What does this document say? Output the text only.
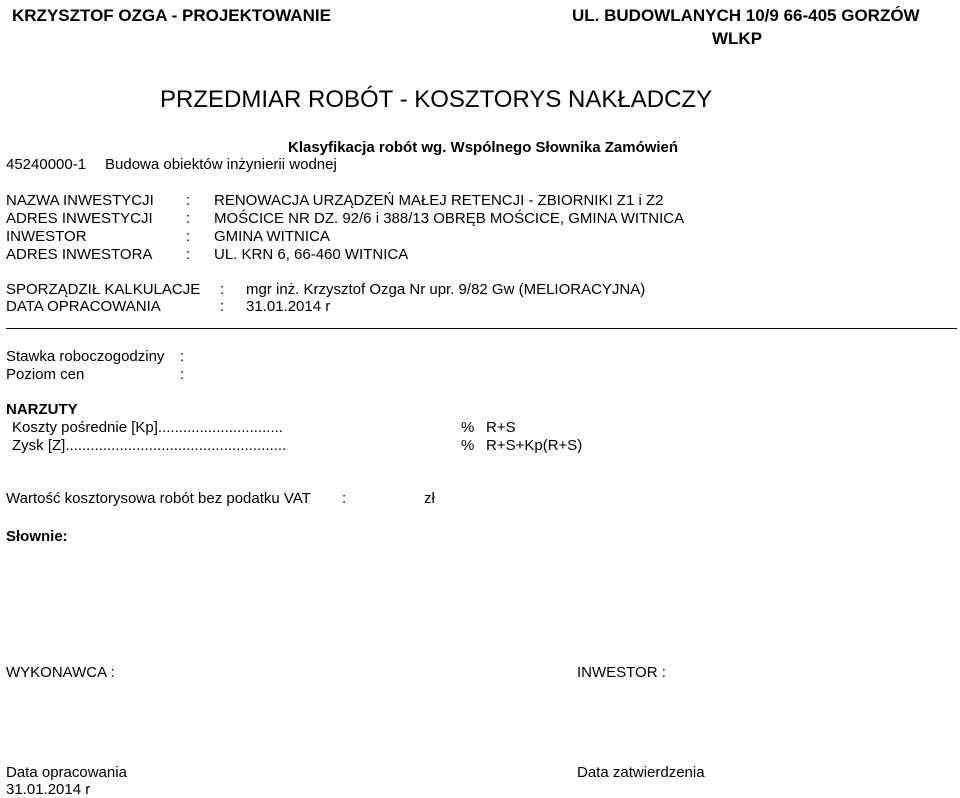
KRZYSZTOF OZGA - PROJEKTOWANIE	UL. BUDOWLANYCH 10/9 66-405 GORZÓW
WLKP
PRZEDMIAR ROBÓT - KOSZTORYS NAKŁADCZY
Klasyfikacja robót wg. Wspólnego Słownika Zamówień
45240000-1 Budowa obiektów inżynierii wodnej
NAZWA INWESTYCJI : RENOWACJA URZĄDZEŃ MAŁEJ RETENCJI - ZBIORNIKI Z1 i Z2
ADRES INWESTYCJI : MOŚCICE NR DZ. 92/6 i 388/13 OBRĘB MOŚCICE, GMINA WITNICA
INWESTOR	: GMINA WITNICA
ADRES INWESTORA : UL. KRN 6, 66-460 WITNICA
SPORZĄDZIŁ KALKULACJE : mgr inż. Krzysztof Ozga Nr upr. 9/82 Gw (MELIORACYJNA)
DATA OPRACOWANIA	: 31.01.2014 r
Stawka roboczogodziny :
Poziom cen	:
NARZUTY
Koszty pośrednie [Kp]..............................	% R+S
Zysk [Z].....................................................	% R+S+Kp(R+S)
Wartość kosztorysowa robót bez podatku VAT :	zł
Słownie:
WYKONAWCA :	INWESTOR :
Data opracowania
31.01.2014 r
Data zatwierdzenia
